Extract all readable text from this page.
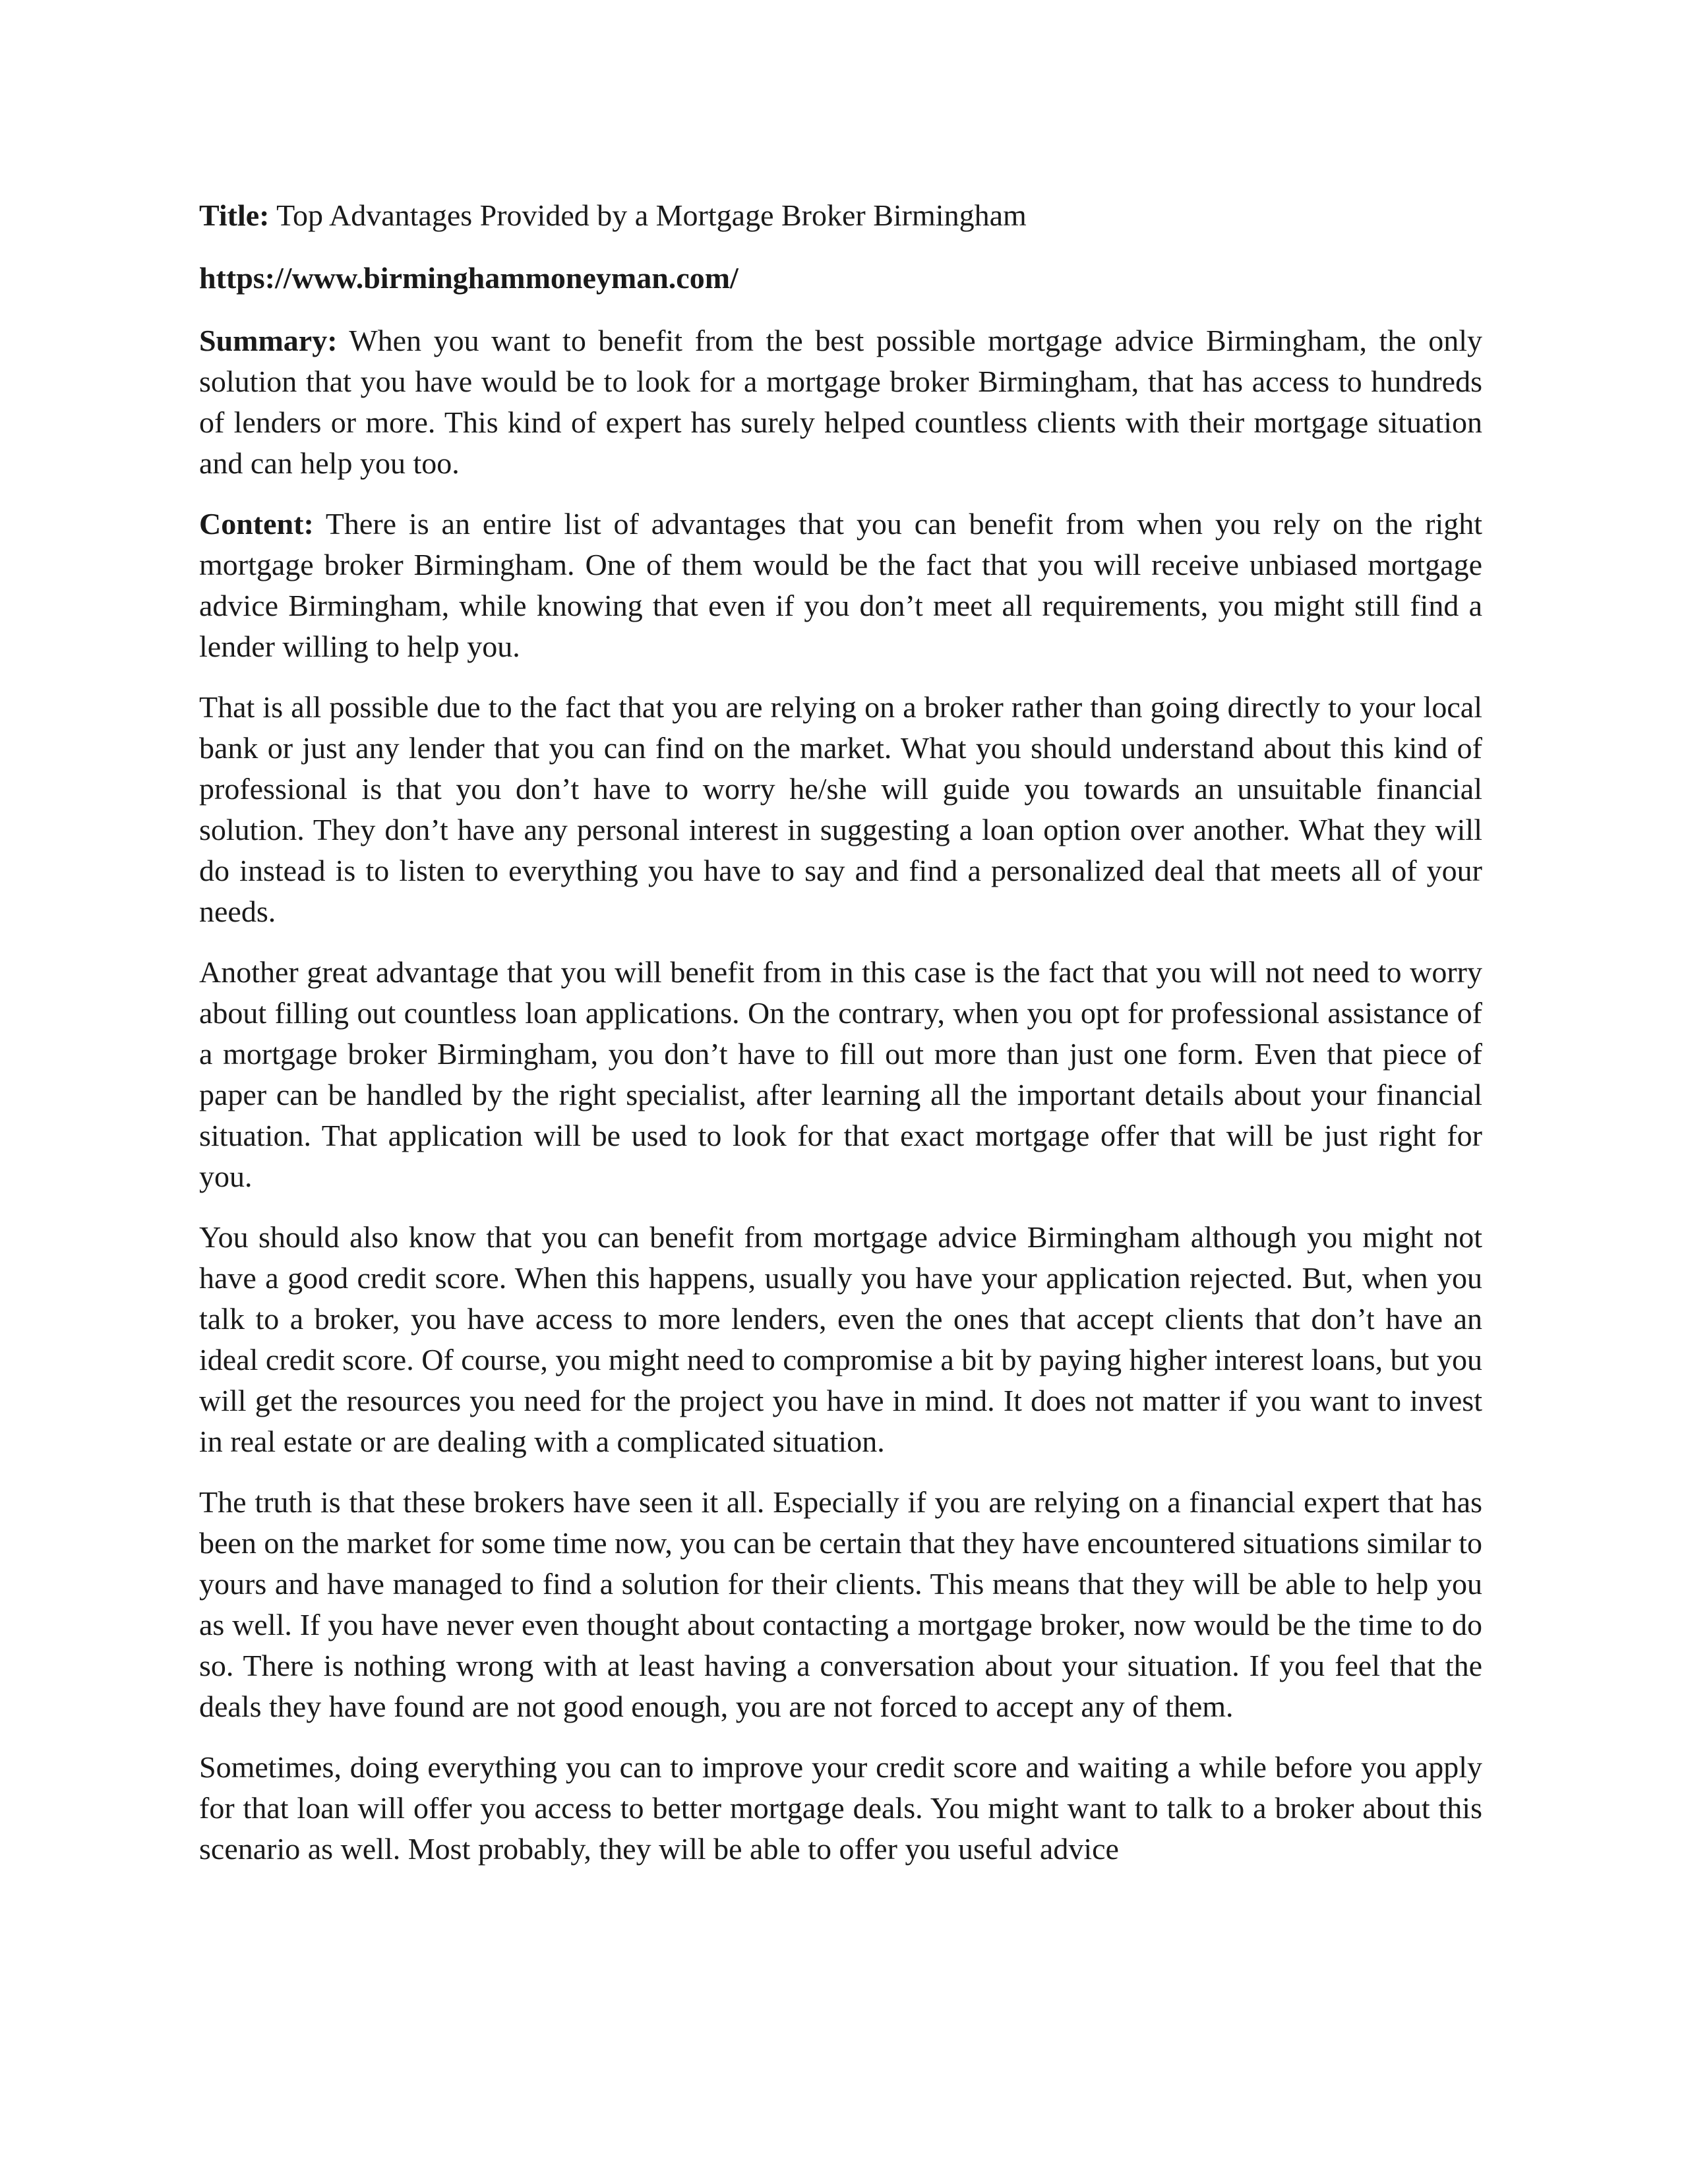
Title: Top Advantages Provided by a Mortgage Broker Birmingham
https://www.birminghammoneyman.com/

Summary: When you want to benefit from the best possible mortgage advice Birmingham, the only solution that you have would be to look for a mortgage broker Birmingham, that has access to hundreds of lenders or more. This kind of expert has surely helped countless clients with their mortgage situation and can help you too.

Content: There is an entire list of advantages that you can benefit from when you rely on the right mortgage broker Birmingham. One of them would be the fact that you will receive unbiased mortgage advice Birmingham, while knowing that even if you don’t meet all requirements, you might still find a lender willing to help you.

That is all possible due to the fact that you are relying on a broker rather than going directly to your local bank or just any lender that you can find on the market. What you should understand about this kind of professional is that you don’t have to worry he/she will guide you towards an unsuitable financial solution. They don’t have any personal interest in suggesting a loan option over another. What they will do instead is to listen to everything you have to say and find a personalized deal that meets all of your needs.

Another great advantage that you will benefit from in this case is the fact that you will not need to worry about filling out countless loan applications. On the contrary, when you opt for professional assistance of a mortgage broker Birmingham, you don’t have to fill out more than just one form. Even that piece of paper can be handled by the right specialist, after learning all the important details about your financial situation. That application will be used to look for that exact mortgage offer that will be just right for you.

You should also know that you can benefit from mortgage advice Birmingham although you might not have a good credit score. When this happens, usually you have your application rejected. But, when you talk to a broker, you have access to more lenders, even the ones that accept clients that don’t have an ideal credit score. Of course, you might need to compromise a bit by paying higher interest loans, but you will get the resources you need for the project you have in mind. It does not matter if you want to invest in real estate or are dealing with a complicated situation.

The truth is that these brokers have seen it all. Especially if you are relying on a financial expert that has been on the market for some time now, you can be certain that they have encountered situations similar to yours and have managed to find a solution for their clients. This means that they will be able to help you as well. If you have never even thought about contacting a mortgage broker, now would be the time to do so. There is nothing wrong with at least having a conversation about your situation. If you feel that the deals they have found are not good enough, you are not forced to accept any of them.

Sometimes, doing everything you can to improve your credit score and waiting a while before you apply for that loan will offer you access to better mortgage deals. You might want to talk to a broker about this scenario as well. Most probably, they will be able to offer you useful advice
